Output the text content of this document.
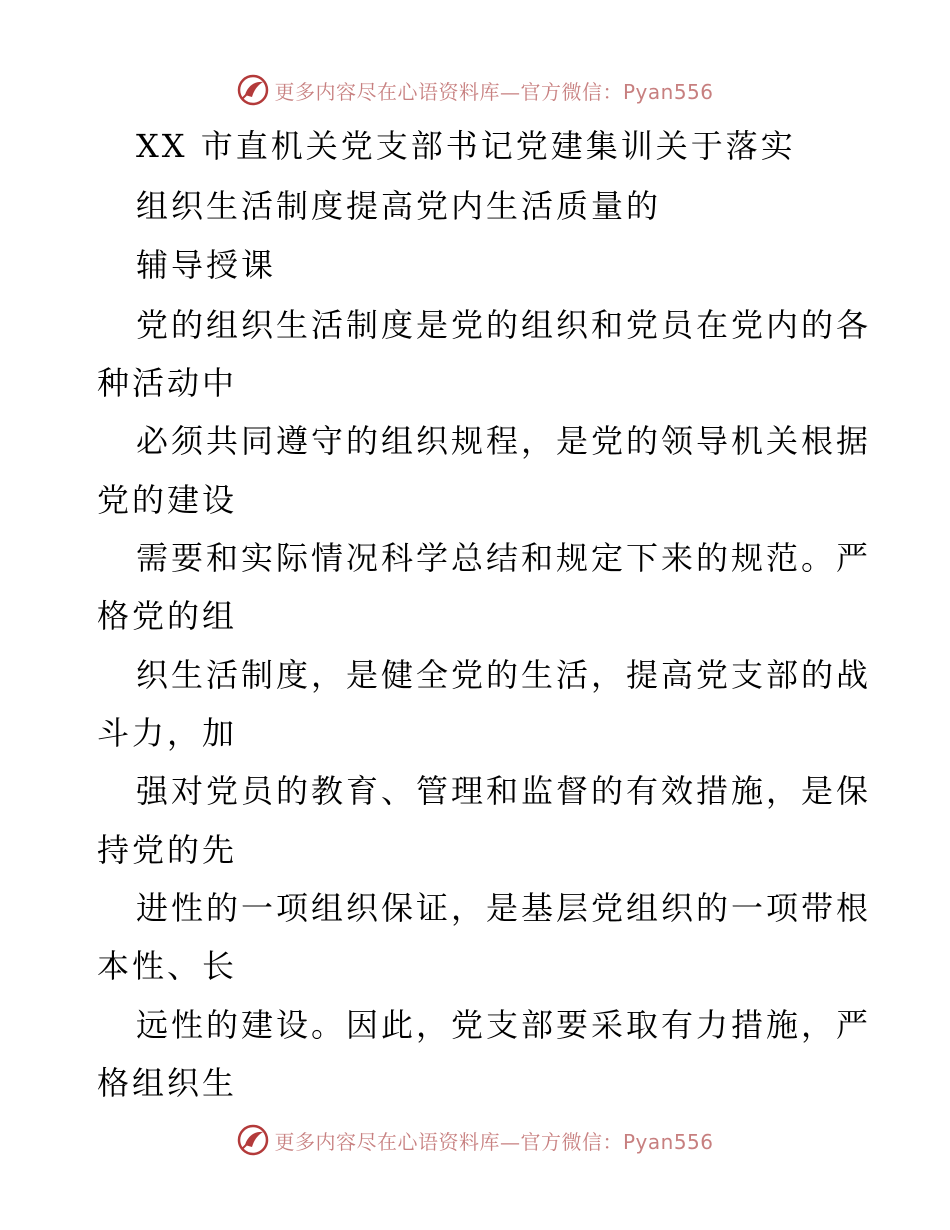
更多内容尽在心语资料库—官方微信：Pyan556
XX 市直机关党支部书记党建集训关于落实
组织生活制度提高党内生活质量的
辅导授课
党的组织生活制度是党的组织和党员在党内的各
种活动中
必须共同遵守的组织规程，是党的领导机关根据
党的建设
需要和实际情况科学总结和规定下来的规范。严
格党的组
织生活制度，是健全党的生活，提高党支部的战
斗力，加
强对党员的教育、管理和监督的有效措施，是保
持党的先
进性的一项组织保证，是基层党组织的一项带根
本性、长
远性的建设。因此，党支部要采取有力措施，严
格组织生
更多内容尽在心语资料库—官方微信：Pyan556
